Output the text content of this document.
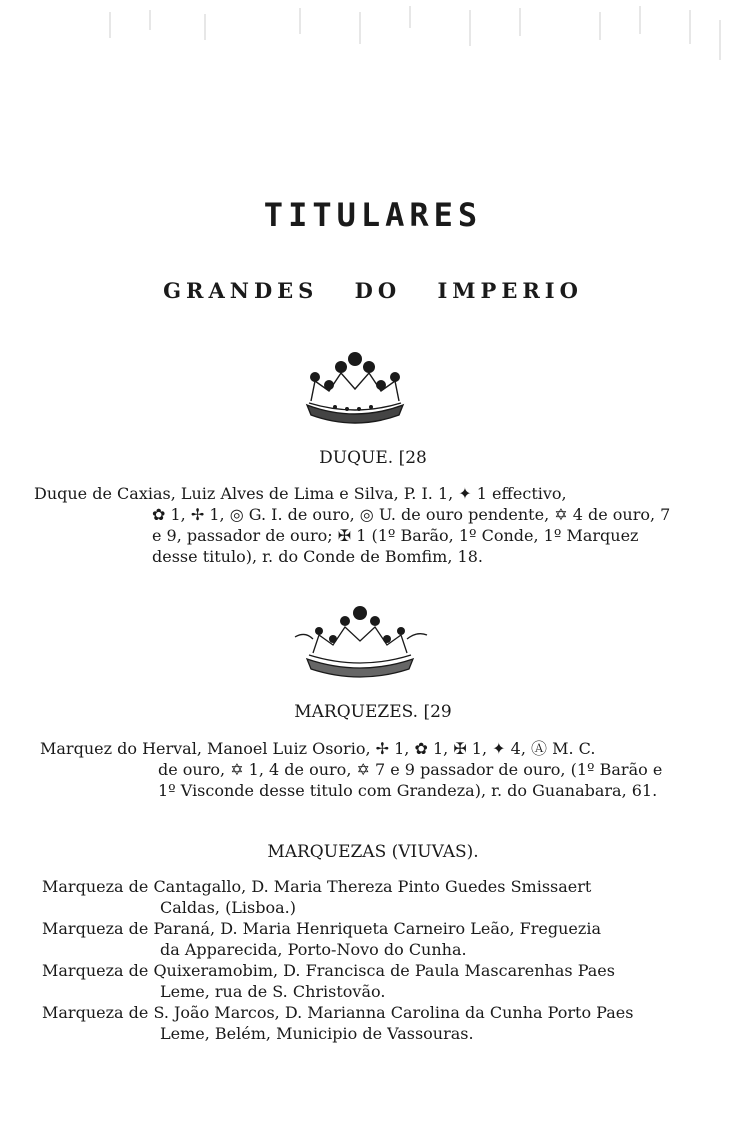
TITULARES
GRANDES DO IMPERIO
DUQUE. [28
Duque de Caxias, Luiz Alves de Lima e Silva, P. I. 1, ✦ 1 effectivo,
✿ 1, ✢ 1, ◎ G. I. de ouro, ◎ U. de ouro pendente, ✡ 4 de ouro, 7 e 9, passador de ouro; ✠ 1 (1º Barão, 1º Conde, 1º Marquez desse titulo), r. do Conde de Bomfim, 18.
MARQUEZES. [29
Marquez do Herval, Manoel Luiz Osorio, ✢ 1, ✿ 1, ✠ 1, ✦ 4, Ⓐ M. C.
de ouro, ✡ 1, 4 de ouro, ✡ 7 e 9 passador de ouro, (1º Barão e 1º Visconde desse titulo com Grandeza), r. do Guanabara, 61.
MARQUEZAS (VIUVAS).
Marqueza de Cantagallo, D. Maria Thereza Pinto Guedes Smissaert
Caldas, (Lisboa.)
Marqueza de Paraná, D. Maria Henriqueta Carneiro Leão, Freguezia
da Apparecida, Porto-Novo do Cunha.
Marqueza de Quixeramobim, D. Francisca de Paula Mascarenhas Paes
Leme, rua de S. Christovão.
Marqueza de S. João Marcos, D. Marianna Carolina da Cunha Porto Paes
Leme, Belém, Municipio de Vassouras.
